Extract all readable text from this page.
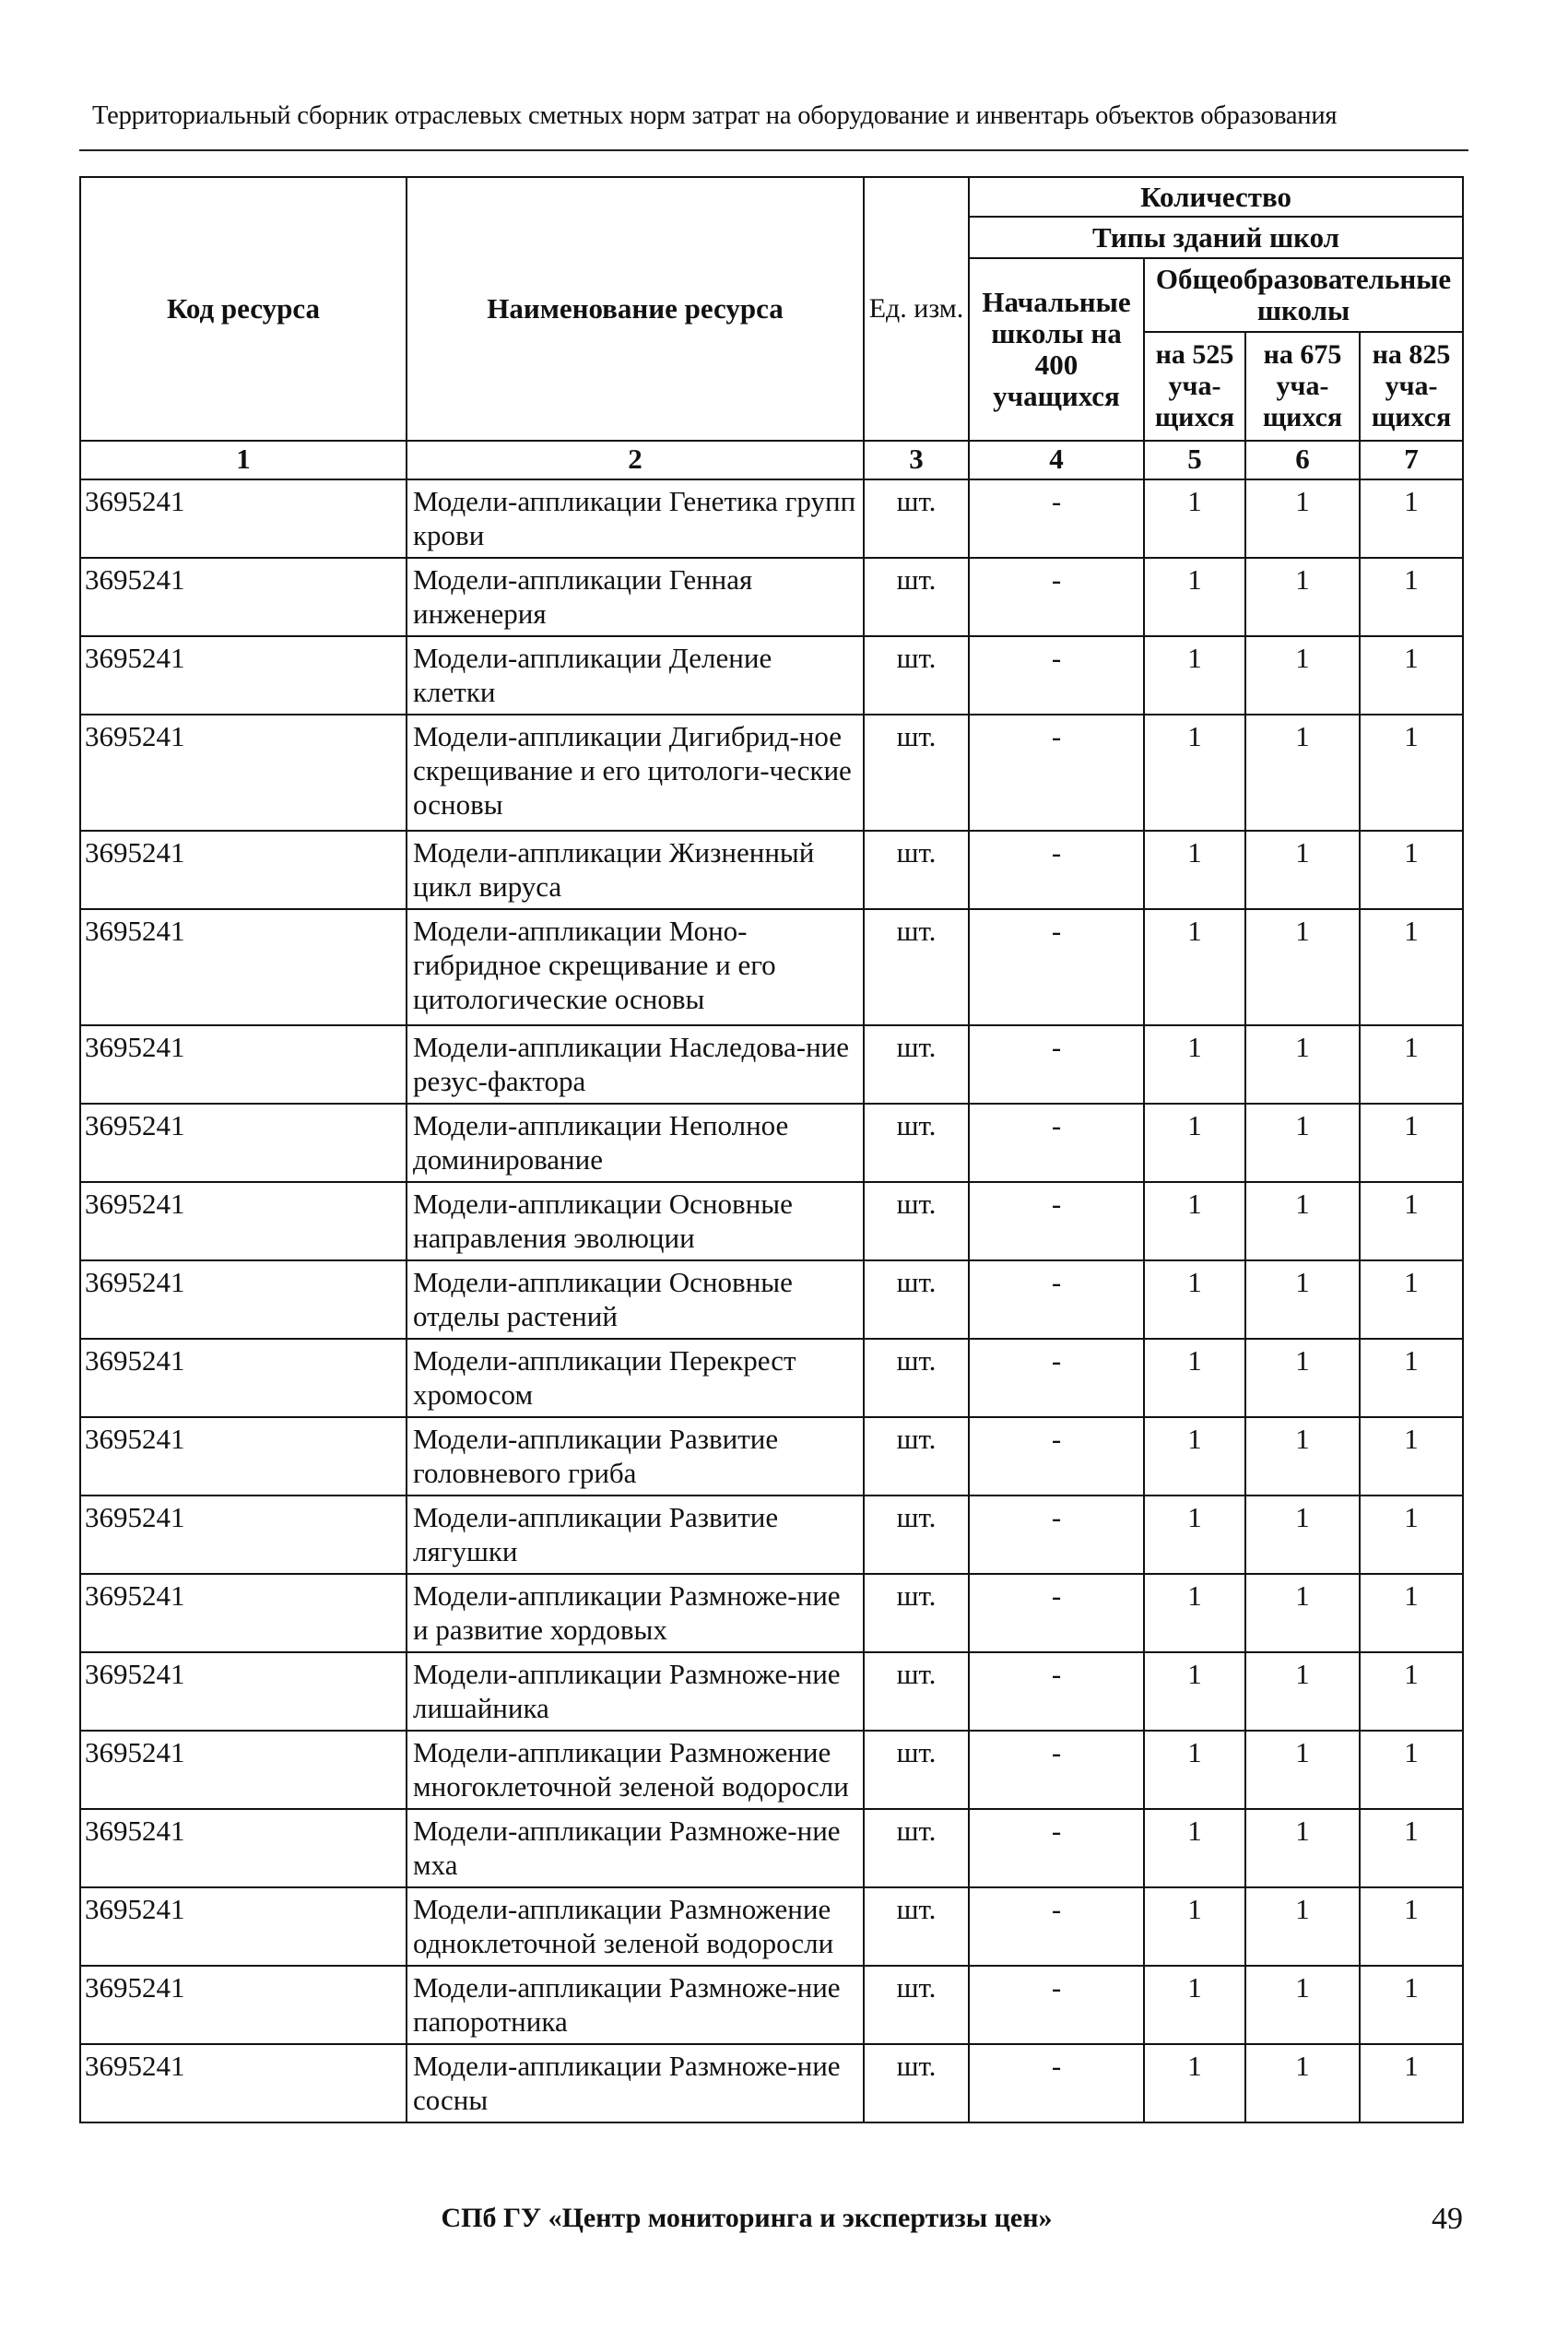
Территориальный сборник отраслевых сметных норм затрат на оборудование и инвентарь объектов образования
Код ресурса	Наименование ресурса	Ед. изм.	Количество			
			Типы зданий школ			
			Начальные школы на 400 учащихся	Общеобразовательные школы		
				на 525 уча-щихся	на 675 уча-щихся	на 825 уча-щихся
1	2	3	4	5	6	7
3695241	Модели-аппликации Генетика групп крови	шт.	-	1	1	1
3695241	Модели-аппликации Генная инженерия	шт.	-	1	1	1
3695241	Модели-аппликации Деление клетки	шт.	-	1	1	1
3695241	Модели-аппликации Дигибрид-ное скрещивание и его цитологи-ческие основы	шт.	-	1	1	1
3695241	Модели-аппликации Жизненный цикл вируса	шт.	-	1	1	1
3695241	Модели-аппликации Моно-гибридное скрещивание и его цитологические основы	шт.	-	1	1	1
3695241	Модели-аппликации Наследова-ние резус-фактора	шт.	-	1	1	1
3695241	Модели-аппликации Неполное доминирование	шт.	-	1	1	1
3695241	Модели-аппликации Основные направления эволюции	шт.	-	1	1	1
3695241	Модели-аппликации Основные отделы растений	шт.	-	1	1	1
3695241	Модели-аппликации Перекрест хромосом	шт.	-	1	1	1
3695241	Модели-аппликации Развитие головневого гриба	шт.	-	1	1	1
3695241	Модели-аппликации Развитие лягушки	шт.	-	1	1	1
3695241	Модели-аппликации Размноже-ние и развитие хордовых	шт.	-	1	1	1
3695241	Модели-аппликации Размноже-ние лишайника	шт.	-	1	1	1
3695241	Модели-аппликации Размножение многоклеточной зеленой водоросли	шт.	-	1	1	1
3695241	Модели-аппликации Размноже-ние мха	шт.	-	1	1	1
3695241	Модели-аппликации Размножение одноклеточной зеленой водоросли	шт.	-	1	1	1
3695241	Модели-аппликации Размноже-ние папоротника	шт.	-	1	1	1
3695241	Модели-аппликации Размноже-ние сосны	шт.	-	1	1	1
СПб ГУ «Центр мониторинга и экспертизы цен»	49
